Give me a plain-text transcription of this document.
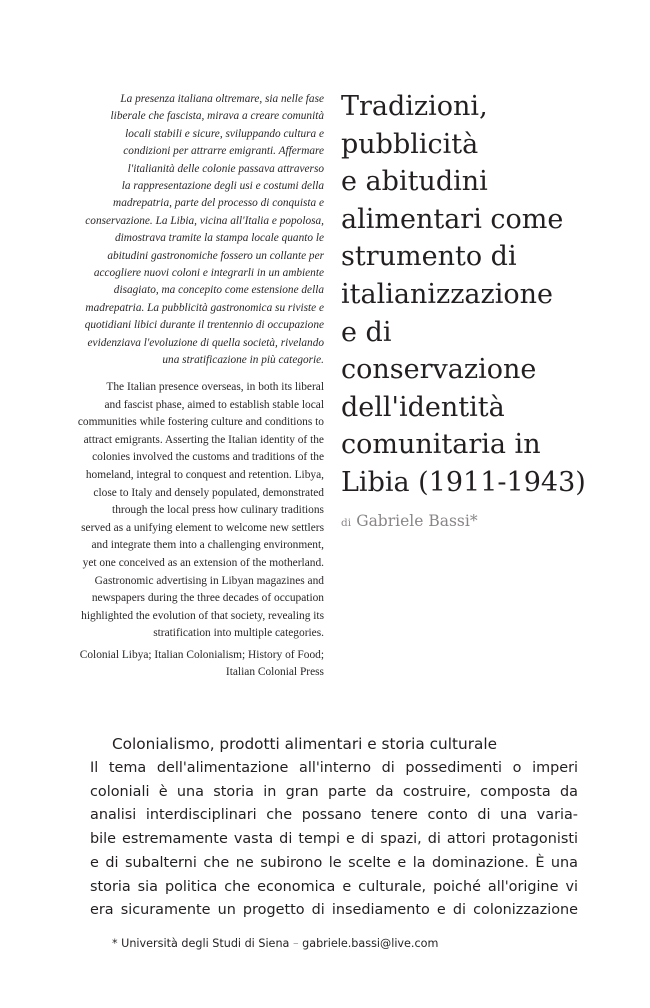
La presenza italiana oltremare, sia nelle fase
liberale che fascista, mirava a creare comunità
locali stabili e sicure, sviluppando cultura e
condizioni per attrarre emigranti. Affermare
l'italianità delle colonie passava attraverso
la rappresentazione degli usi e costumi della
madrepatria, parte del processo di conquista e
conservazione. La Libia, vicina all'Italia e popolosa,
dimostrava tramite la stampa locale quanto le
abitudini gastronomiche fossero un collante per
accogliere nuovi coloni e integrarli in un ambiente
disagiato, ma concepito come estensione della
madrepatria. La pubblicità gastronomica su riviste e
quotidiani libici durante il trentennio di occupazione
evidenziava l'evoluzione di quella società, rivelando
una stratificazione in più categorie.
The Italian presence overseas, in both its liberal
and fascist phase, aimed to establish stable local
communities while fostering culture and conditions to
attract emigrants. Asserting the Italian identity of the
colonies involved the customs and traditions of the
homeland, integral to conquest and retention. Libya,
close to Italy and densely populated, demonstrated
through the local press how culinary traditions
served as a unifying element to welcome new settlers
and integrate them into a challenging environment,
yet one conceived as an extension of the motherland.
Gastronomic advertising in Libyan magazines and
newspapers during the three decades of occupation
highlighted the evolution of that society, revealing its
stratification into multiple categories.
Colonial Libya; Italian Colonialism; History of Food;
Italian Colonial Press
Tradizioni,
pubblicità
e abitudini
alimentari come
strumento di
italianizzazione
e di
conservazione
dell'identità
comunitaria in
Libia (1911-1943)
di Gabriele Bassi*
Colonialismo, prodotti alimentari e storia culturale
Il tema dell'alimentazione all'interno di possedimenti o imperi
coloniali è una storia in gran parte da costruire, composta da
analisi interdisciplinari che possano tenere conto di una varia-
bile estremamente vasta di tempi e di spazi, di attori protagonisti
e di subalterni che ne subirono le scelte e la dominazione. È una
storia sia politica che economica e culturale, poiché all'origine vi
era sicuramente un progetto di insediamento e di colonizzazione
* Università degli Studi di Siena – gabriele.bassi@live.com
